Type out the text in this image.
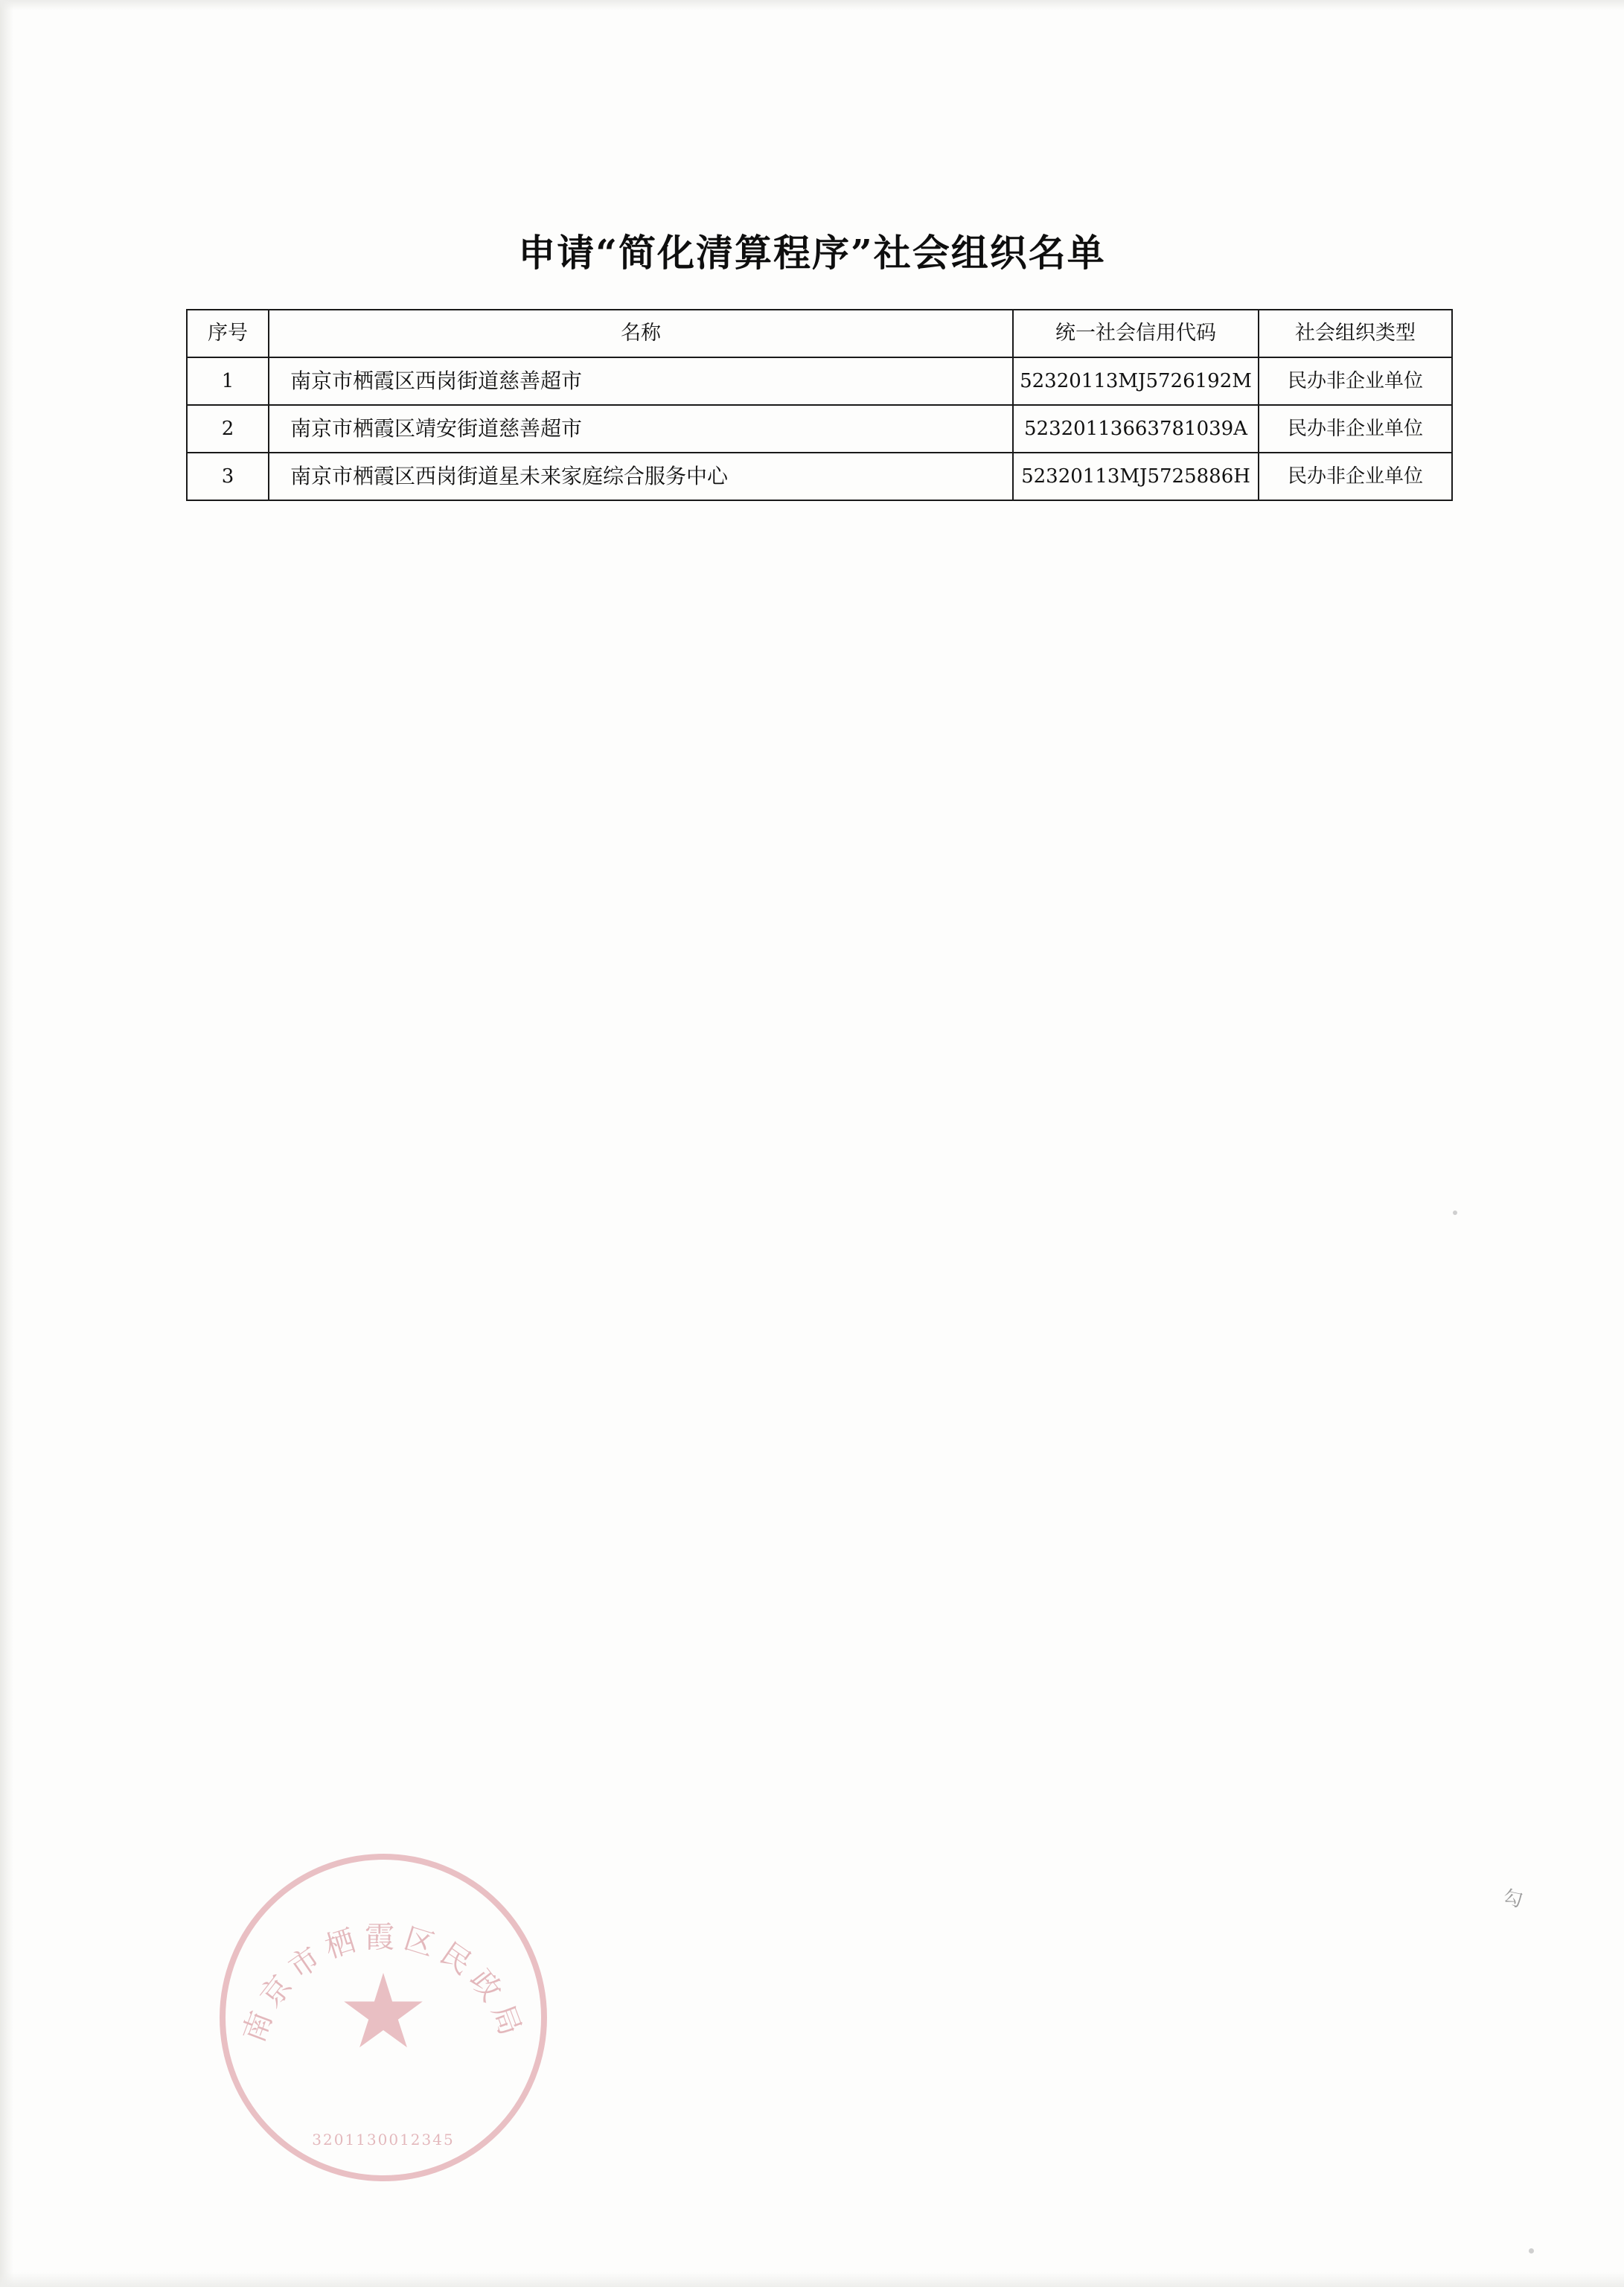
申请“简化清算程序”社会组织名单
序号	名称	统一社会信用代码	社会组织类型

1	南京市栖霞区西岗街道慈善超市	52320113MJ5726192M	民办非企业单位

2	南京市栖霞区靖安街道慈善超市	52320113663781039A	民办非企业单位

3	南京市栖霞区西岗街道星未来家庭综合服务中心	52320113MJ5725886H	民办非企业单位
南京市栖霞区民政局
3201130012345
勾
